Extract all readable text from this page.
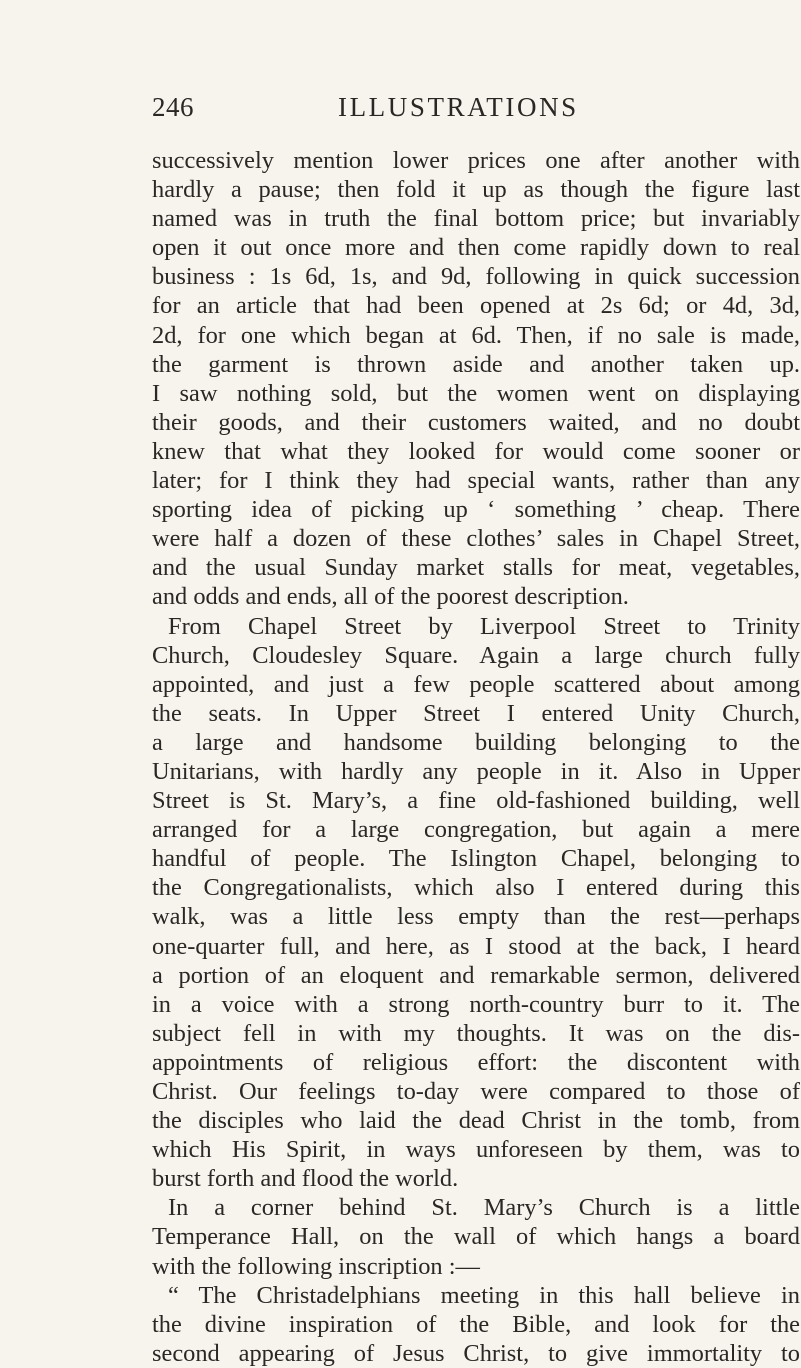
246	ILLUSTRATIONS
successively mention lower prices one after another with
hardly a pause; then fold it up as though the figure last
named was in truth the final bottom price; but invariably
open it out once more and then come rapidly down to real
business : 1s 6d, 1s, and 9d, following in quick succession
for an article that had been opened at 2s 6d; or 4d, 3d,
2d, for one which began at 6d. Then, if no sale is made,
the garment is thrown aside and another taken up.
I saw nothing sold, but the women went on displaying
their goods, and their customers waited, and no doubt
knew that what they looked for would come sooner or
later; for I think they had special wants, rather than any
sporting idea of picking up ‘ something ’ cheap. There
were half a dozen of these clothes’ sales in Chapel Street,
and the usual Sunday market stalls for meat, vegetables,
and odds and ends, all of the poorest description.
From Chapel Street by Liverpool Street to Trinity
Church, Cloudesley Square. Again a large church fully
appointed, and just a few people scattered about among
the seats. In Upper Street I entered Unity Church,
a large and handsome building belonging to the
Unitarians, with hardly any people in it. Also in Upper
Street is St. Mary’s, a fine old-fashioned building, well
arranged for a large congregation, but again a mere
handful of people. The Islington Chapel, belonging to
the Congregationalists, which also I entered during this
walk, was a little less empty than the rest—perhaps
one-quarter full, and here, as I stood at the back, I heard
a portion of an eloquent and remarkable sermon, delivered
in a voice with a strong north-country burr to it. The
subject fell in with my thoughts. It was on the dis-
appointments of religious effort: the discontent with
Christ. Our feelings to-day were compared to those of
the disciples who laid the dead Christ in the tomb, from
which His Spirit, in ways unforeseen by them, was to
burst forth and flood the world.
In a corner behind St. Mary’s Church is a little
Temperance Hall, on the wall of which hangs a board
with the following inscription :—
“ The Christadelphians meeting in this hall believe in
the divine inspiration of the Bible, and look for the
second appearing of Jesus Christ, to give immortality to
